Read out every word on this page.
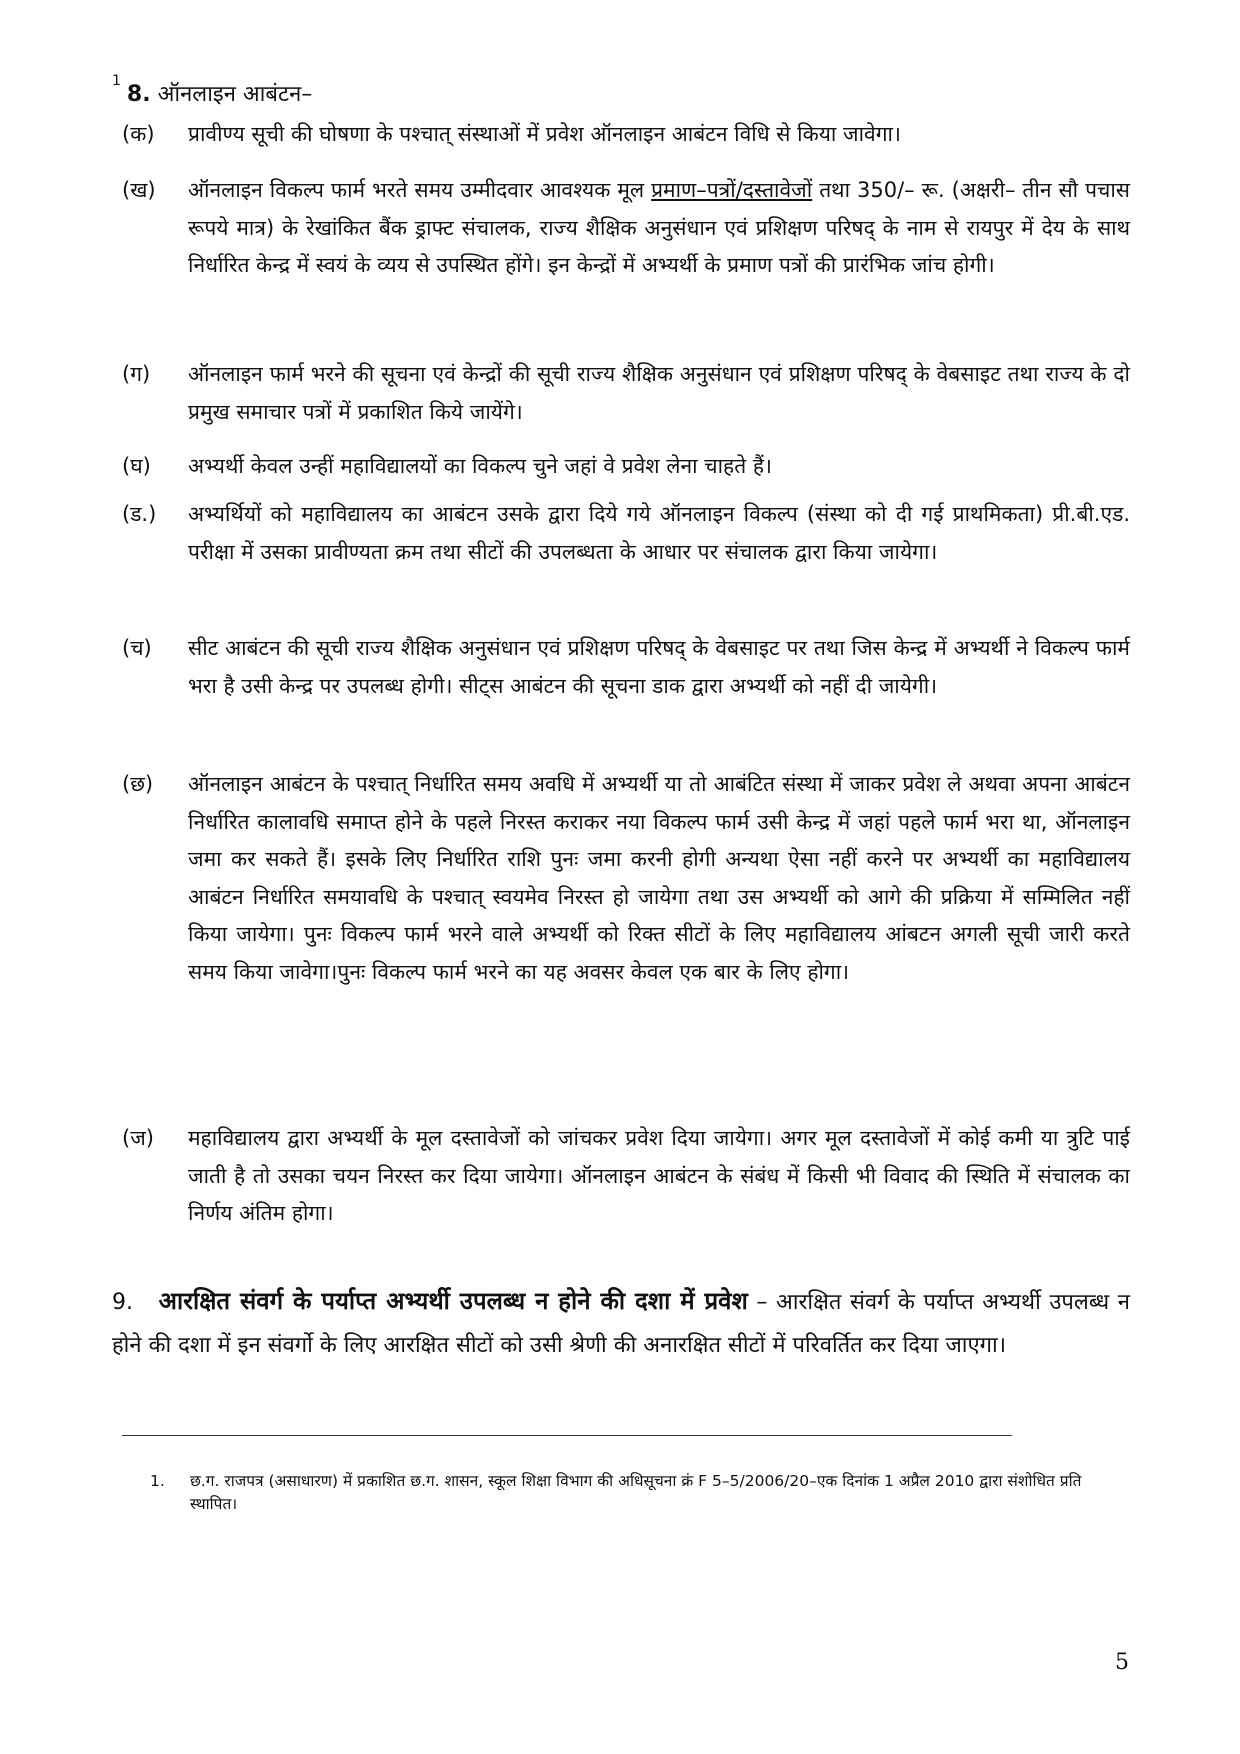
$^1$8. ऑनलाइन आबंटन–
(क)	प्रावीण्य सूची की घोषणा के पश्चात् संस्थाओं में प्रवेश ऑनलाइन आबंटन विधि से किया जावेगा।
(ख)	ऑनलाइन विकल्प फार्म भरते समय उम्मीदवार आवश्यक मूल प्रमाण–पत्रों/दस्तावेजों तथा 350/– रू. (अक्षरी– तीन सौ पचास रूपये मात्र) के रेखांकित बैंक ड्राफ्ट संचालक, राज्य शैक्षिक अनुसंधान एवं प्रशिक्षण परिषद् के नाम से रायपुर में देय के साथ निर्धारित केन्द्र में स्वयं के व्यय से उपस्थित होंगे। इन केन्द्रों में अभ्यर्थी के प्रमाण पत्रों की प्रारंभिक जांच होगी।
(ग)	ऑनलाइन फार्म भरने की सूचना एवं केन्द्रों की सूची राज्य शैक्षिक अनुसंधान एवं प्रशिक्षण परिषद् के वेबसाइट तथा राज्य के दो प्रमुख समाचार पत्रों में प्रकाशित किये जायेंगे।
(घ)	अभ्यर्थी केवल उन्हीं महाविद्यालयों का विकल्प चुने जहां वे प्रवेश लेना चाहते हैं।
(ड.)	अभ्यर्थियों को महाविद्यालय का आबंटन उसके द्वारा दिये गये ऑनलाइन विकल्प (संस्था को दी गई प्राथमिकता) प्री.बी.एड. परीक्षा में उसका प्रावीण्यता क्रम तथा सीटों की उपलब्धता के आधार पर संचालक द्वारा किया जायेगा।
(च)	सीट आबंटन की सूची राज्य शैक्षिक अनुसंधान एवं प्रशिक्षण परिषद् के वेबसाइट पर तथा जिस केन्द्र में अभ्यर्थी ने विकल्प फार्म भरा है उसी केन्द्र पर उपलब्ध होगी। सीट्स आबंटन की सूचना डाक द्वारा अभ्यर्थी को नहीं दी जायेगी।
(छ)	ऑनलाइन आबंटन के पश्चात् निर्धारित समय अवधि में अभ्यर्थी या तो आबंटित संस्था में जाकर प्रवेश ले अथवा अपना आबंटन निर्धारित कालावधि समाप्त होने के पहले निरस्त कराकर नया विकल्प फार्म उसी केन्द्र में जहां पहले फार्म भरा था, ऑनलाइन जमा कर सकते हैं। इसके लिए निर्धारित राशि पुनः जमा करनी होगी अन्यथा ऐसा नहीं करने पर अभ्यर्थी का महाविद्यालय आबंटन निर्धारित समयावधि के पश्चात् स्वयमेव निरस्त हो जायेगा तथा उस अभ्यर्थी को आगे की प्रक्रिया में सम्मिलित नहीं किया जायेगा। पुनः विकल्प फार्म भरने वाले अभ्यर्थी को रिक्त सीटों के लिए महाविद्यालय आंबटन अगली सूची जारी करते समय किया जावेगा।पुनः विकल्प फार्म भरने का यह अवसर केवल एक बार के लिए होगा।
(ज)	महाविद्यालय द्वारा अभ्यर्थी के मूल दस्तावेजों को जांचकर प्रवेश दिया जायेगा। अगर मूल दस्तावेजों में कोई कमी या त्रुटि पाई जाती है तो उसका चयन निरस्त कर दिया जायेगा। ऑनलाइन आबंटन के संबंध में किसी भी विवाद की स्थिति में संचालक का निर्णय अंतिम होगा।
9. आरक्षित संवर्ग के पर्याप्त अभ्यर्थी उपलब्ध न होने की दशा में प्रवेश – आरक्षित संवर्ग के पर्याप्त अभ्यर्थी उपलब्ध न होने की दशा में इन संवर्गो के लिए आरक्षित सीटों को उसी श्रेणी की अनारक्षित सीटों में परिवर्तित कर दिया जाएगा।
1. छ.ग. राजपत्र (असाधारण) में प्रकाशित छ.ग. शासन, स्कूल शिक्षा विभाग की अधिसूचना क्रं F 5–5/2006/20–एक दिनांक 1 अप्रैल 2010 द्वारा संशोधित प्रति स्थापित।
5
